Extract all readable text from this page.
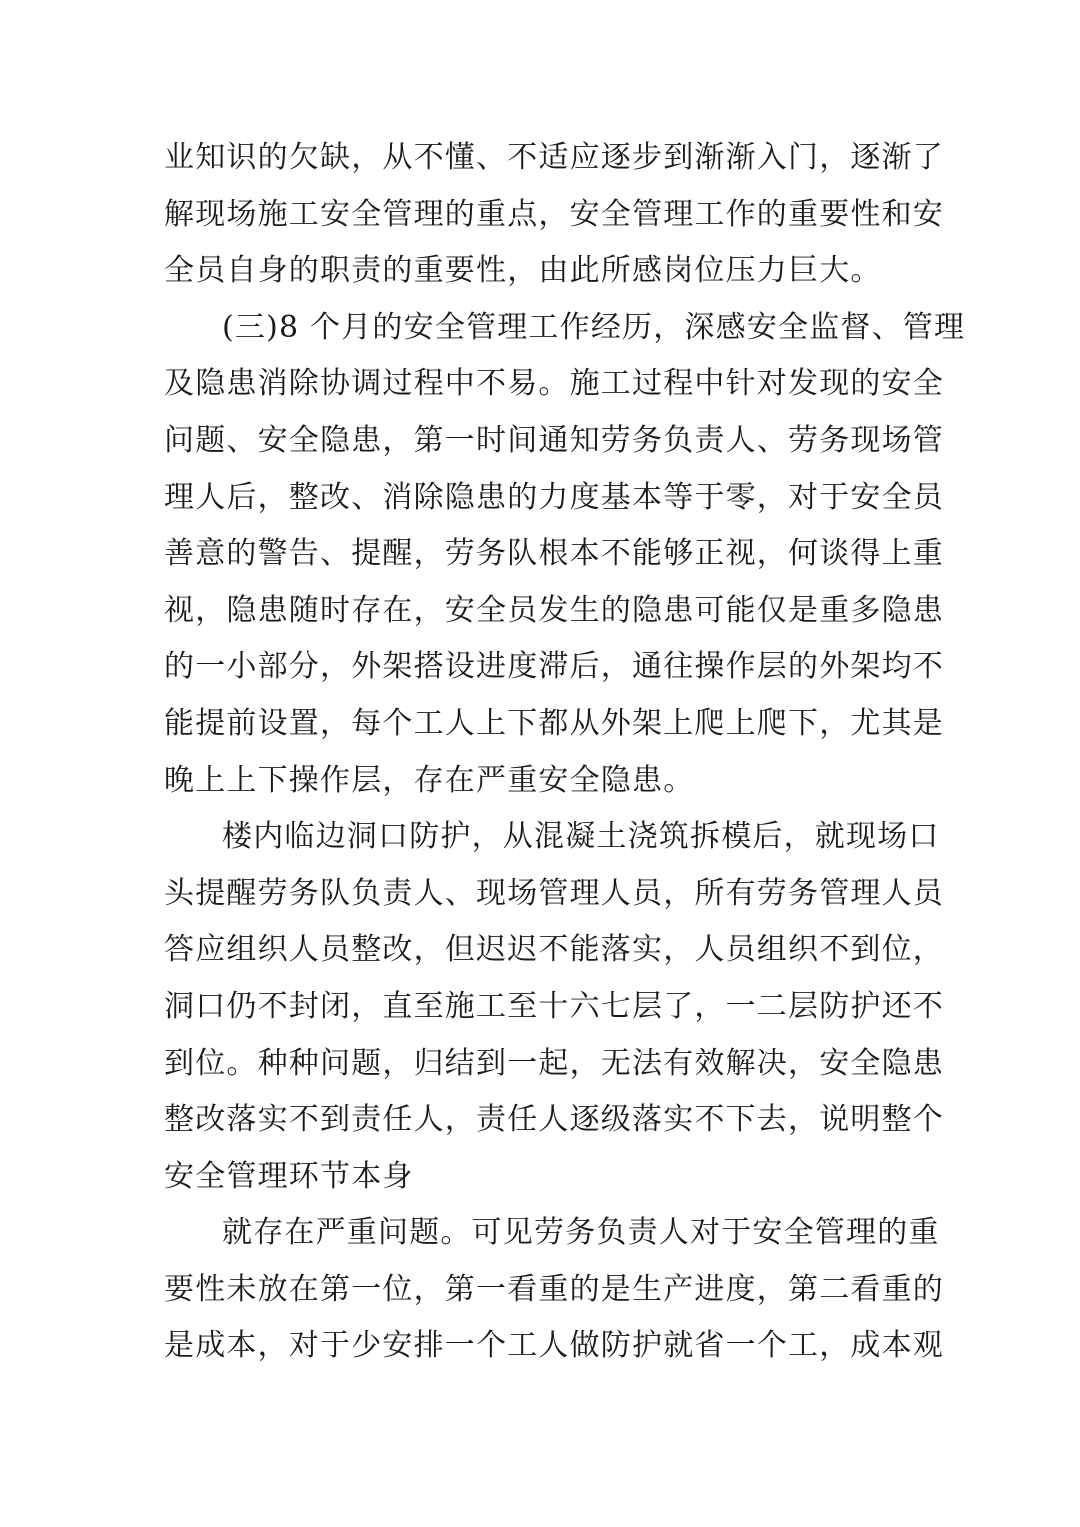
业知识的欠缺，从不懂、不适应逐步到渐渐入门，逐渐了
解现场施工安全管理的重点，安全管理工作的重要性和安
全员自身的职责的重要性，由此所感岗位压力巨大。
(三)8 个月的安全管理工作经历，深感安全监督、管理
及隐患消除协调过程中不易。施工过程中针对发现的安全
问题、安全隐患，第一时间通知劳务负责人、劳务现场管
理人后，整改、消除隐患的力度基本等于零，对于安全员
善意的警告、提醒，劳务队根本不能够正视，何谈得上重
视，隐患随时存在，安全员发生的隐患可能仅是重多隐患
的一小部分，外架搭设进度滞后，通往操作层的外架均不
能提前设置，每个工人上下都从外架上爬上爬下，尤其是
晚上上下操作层，存在严重安全隐患。
楼内临边洞口防护，从混凝土浇筑拆模后，就现场口
头提醒劳务队负责人、现场管理人员，所有劳务管理人员
答应组织人员整改，但迟迟不能落实，人员组织不到位，
洞口仍不封闭，直至施工至十六七层了，一二层防护还不
到位。种种问题，归结到一起，无法有效解决，安全隐患
整改落实不到责任人，责任人逐级落实不下去，说明整个
安全管理环节本身
就存在严重问题。可见劳务负责人对于安全管理的重
要性未放在第一位，第一看重的是生产进度，第二看重的
是成本，对于少安排一个工人做防护就省一个工，成本观
